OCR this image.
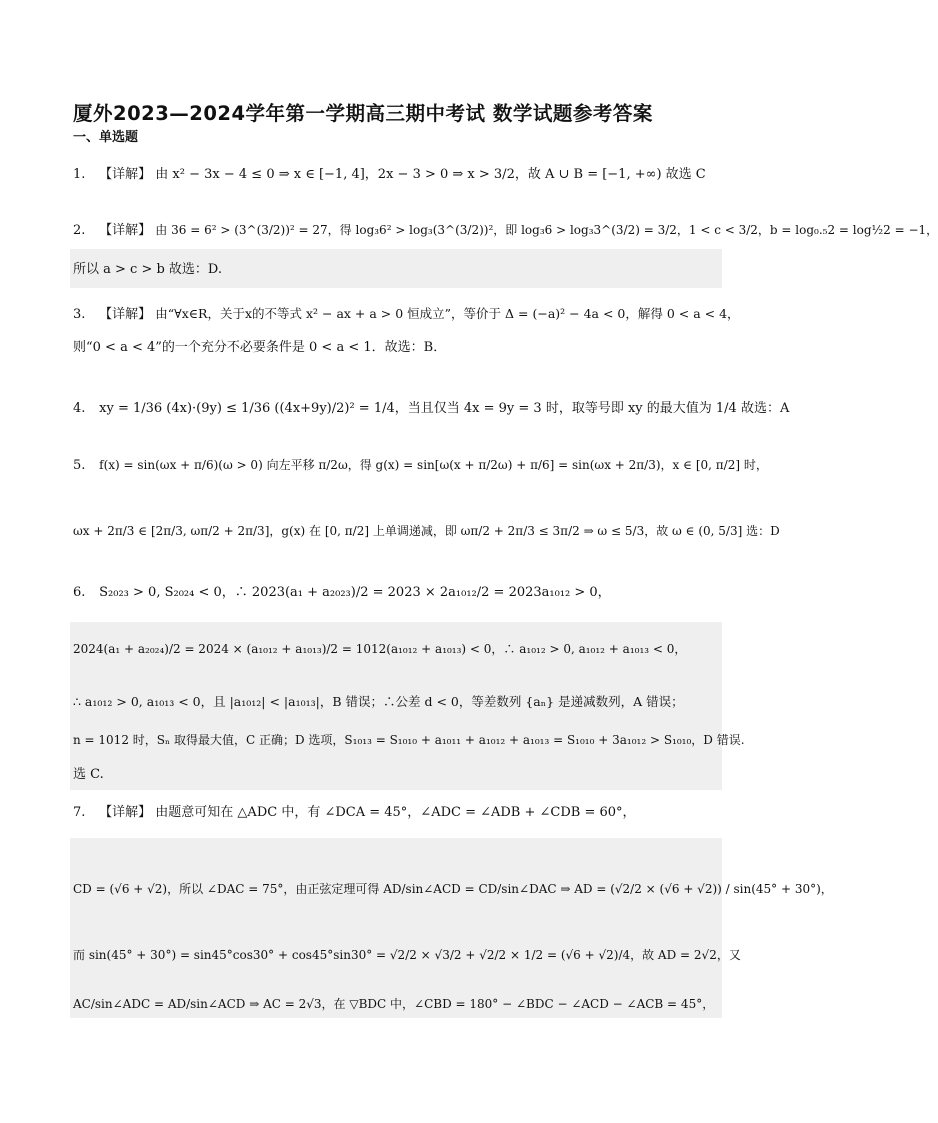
厦外2023—2024学年第一学期高三期中考试 数学试题参考答案
一、单选题
1. 【详解】 由 x² − 3x − 4 ≤ 0 ⇒ x ∈ [−1, 4]，2x − 3 > 0 ⇒ x > 3/2，故 A ∪ B = [−1, +∞) 故选 C
2. 【详解】 由 36 = 6² > (3^(3/2))² = 27，得 log₃6² > log₃(3^(3/2))²，即 log₃6 > log₃3^(3/2) = 3/2，1 < c < 3/2，b = log₀.₅2 = log½2 = −1，
所以 a > c > b 故选：D.
3. 【详解】 由“∀x∈R，关于x的不等式 x² − ax + a > 0 恒成立”，等价于 Δ = (−a)² − 4a < 0，解得 0 < a < 4，
则“0 < a < 4”的一个充分不必要条件是 0 < a < 1．故选：B．
4. xy = 1/36 (4x)·(9y) ≤ 1/36 ((4x+9y)/2)² = 1/4，当且仅当 4x = 9y = 3 时，取等号即 xy 的最大值为 1/4 故选：A
5. f(x) = sin(ωx + π/6)(ω > 0) 向左平移 π/2ω，得 g(x) = sin[ω(x + π/2ω) + π/6] = sin(ωx + 2π/3)，x ∈ [0, π/2] 时，
ωx + 2π/3 ∈ [2π/3, ωπ/2 + 2π/3]，g(x) 在 [0, π/2] 上单调递减，即 ωπ/2 + 2π/3 ≤ 3π/2 ⇒ ω ≤ 5/3，故 ω ∈ (0, 5/3] 选：D
6. S₂₀₂₃ > 0, S₂₀₂₄ < 0，∴ 2023(a₁ + a₂₀₂₃)/2 = 2023 × 2a₁₀₁₂/2 = 2023a₁₀₁₂ > 0，
2024(a₁ + a₂₀₂₄)/2 = 2024 × (a₁₀₁₂ + a₁₀₁₃)/2 = 1012(a₁₀₁₂ + a₁₀₁₃) < 0，∴ a₁₀₁₂ > 0, a₁₀₁₂ + a₁₀₁₃ < 0，
∴ a₁₀₁₂ > 0, a₁₀₁₃ < 0，且 |a₁₀₁₂| < |a₁₀₁₃|，B 错误；∴公差 d < 0，等差数列 {aₙ} 是递减数列，A 错误；
n = 1012 时，Sₙ 取得最大值，C 正确；D 选项，S₁₀₁₃ = S₁₀₁₀ + a₁₀₁₁ + a₁₀₁₂ + a₁₀₁₃ = S₁₀₁₀ + 3a₁₀₁₂ > S₁₀₁₀，D 错误.
选 C.
7. 【详解】 由题意可知在 △ADC 中，有 ∠DCA = 45°，∠ADC = ∠ADB + ∠CDB = 60°，
CD = (√6 + √2)，所以 ∠DAC = 75°，由正弦定理可得 AD/sin∠ACD = CD/sin∠DAC ⇒ AD = (√2/2 × (√6 + √2)) / sin(45° + 30°)，
而 sin(45° + 30°) = sin45°cos30° + cos45°sin30° = √2/2 × √3/2 + √2/2 × 1/2 = (√6 + √2)/4，故 AD = 2√2，又
AC/sin∠ADC = AD/sin∠ACD ⇒ AC = 2√3，在 ▽BDC 中，∠CBD = 180° − ∠BDC − ∠ACD − ∠ACB = 45°，
